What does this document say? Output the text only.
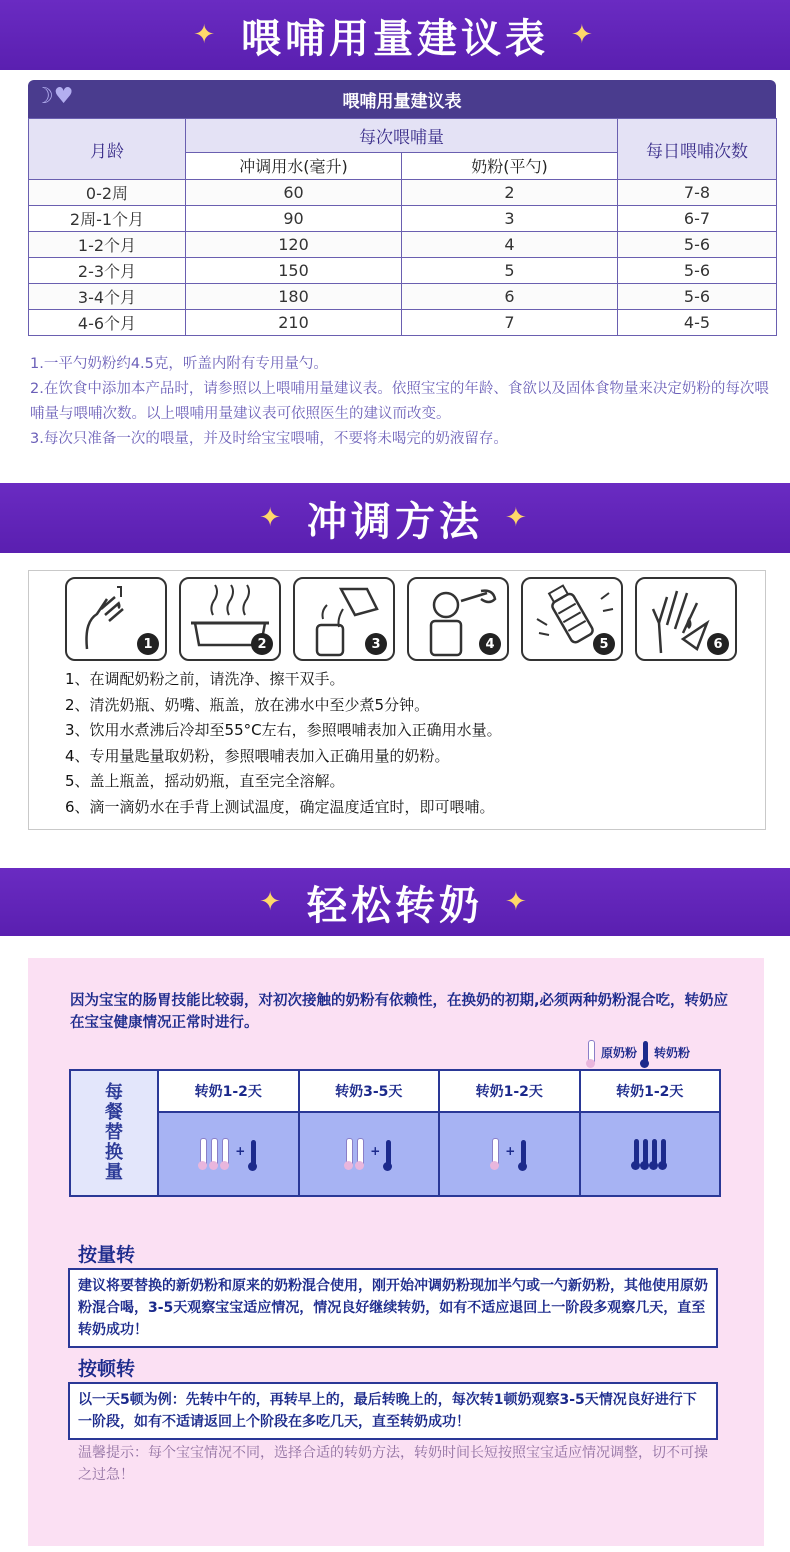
✦ 喂哺用量建议表 ✦
☽♥	喂哺用量建议表
月龄	每次喂哺量		每日喂哺次数
	冲调用水(毫升)	奶粉(平勺)	
0-2周	60	2	7-8
2周-1个月	90	3	6-7
1-2个月	120	4	5-6
2-3个月	150	5	5-6
3-4个月	180	6	5-6
4-6个月	210	7	4-5

1.一平勺奶粉约4.5克，听盖内附有专用量勺。

2.在饮食中添加本产品时，请参照以上喂哺用量建议表。依照宝宝的年龄、食欲以及固体食物量来决定奶粉的每次喂哺量与喂哺次数。以上喂哺用量建议表可依照医生的建议而改变。

3.每次只准备一次的喂量，并及时给宝宝喂哺，不要将未喝完的奶液留存。

✦ 冲调方法 ✦
1	2	3	4	5	6
1、在调配奶粉之前，请洗净、擦干双手。
2、清洗奶瓶、奶嘴、瓶盖，放在沸水中至少煮5分钟。
3、饮用水煮沸后冷却至55°C左右，参照喂哺表加入正确用水量。
4、专用量匙量取奶粉，参照喂哺表加入正确用量的奶粉。
5、盖上瓶盖，摇动奶瓶，直至完全溶解。
6、滴一滴奶水在手背上测试温度，确定温度适宜时，即可喂哺。
✦ 轻松转奶 ✦
因为宝宝的肠胃技能比较弱，对初次接触的奶粉有依赖性，在换奶的初期,必须两种奶粉混合吃，转奶应在宝宝健康情况正常时进行。
原奶粉 转奶粉
每餐替换量	转奶1-2天	转奶3-5天	转奶1-2天	转奶1-2天

	+	+	+	

按量转
建议将要替换的新奶粉和原来的奶粉混合使用，刚开始冲调奶粉现加半勺或一勺新奶粉，其他使用原奶粉混合喝，3-5天观察宝宝适应情况，情况良好继续转奶，如有不适应退回上一阶段多观察几天，直至转奶成功！
按顿转
以一天5顿为例：先转中午的，再转早上的，最后转晚上的，每次转1顿奶观察3-5天情况良好进行下一阶段，如有不适请返回上个阶段在多吃几天，直至转奶成功！
温馨提示：每个宝宝情况不同，选择合适的转奶方法，转奶时间长短按照宝宝适应情况调整，切不可操之过急！
